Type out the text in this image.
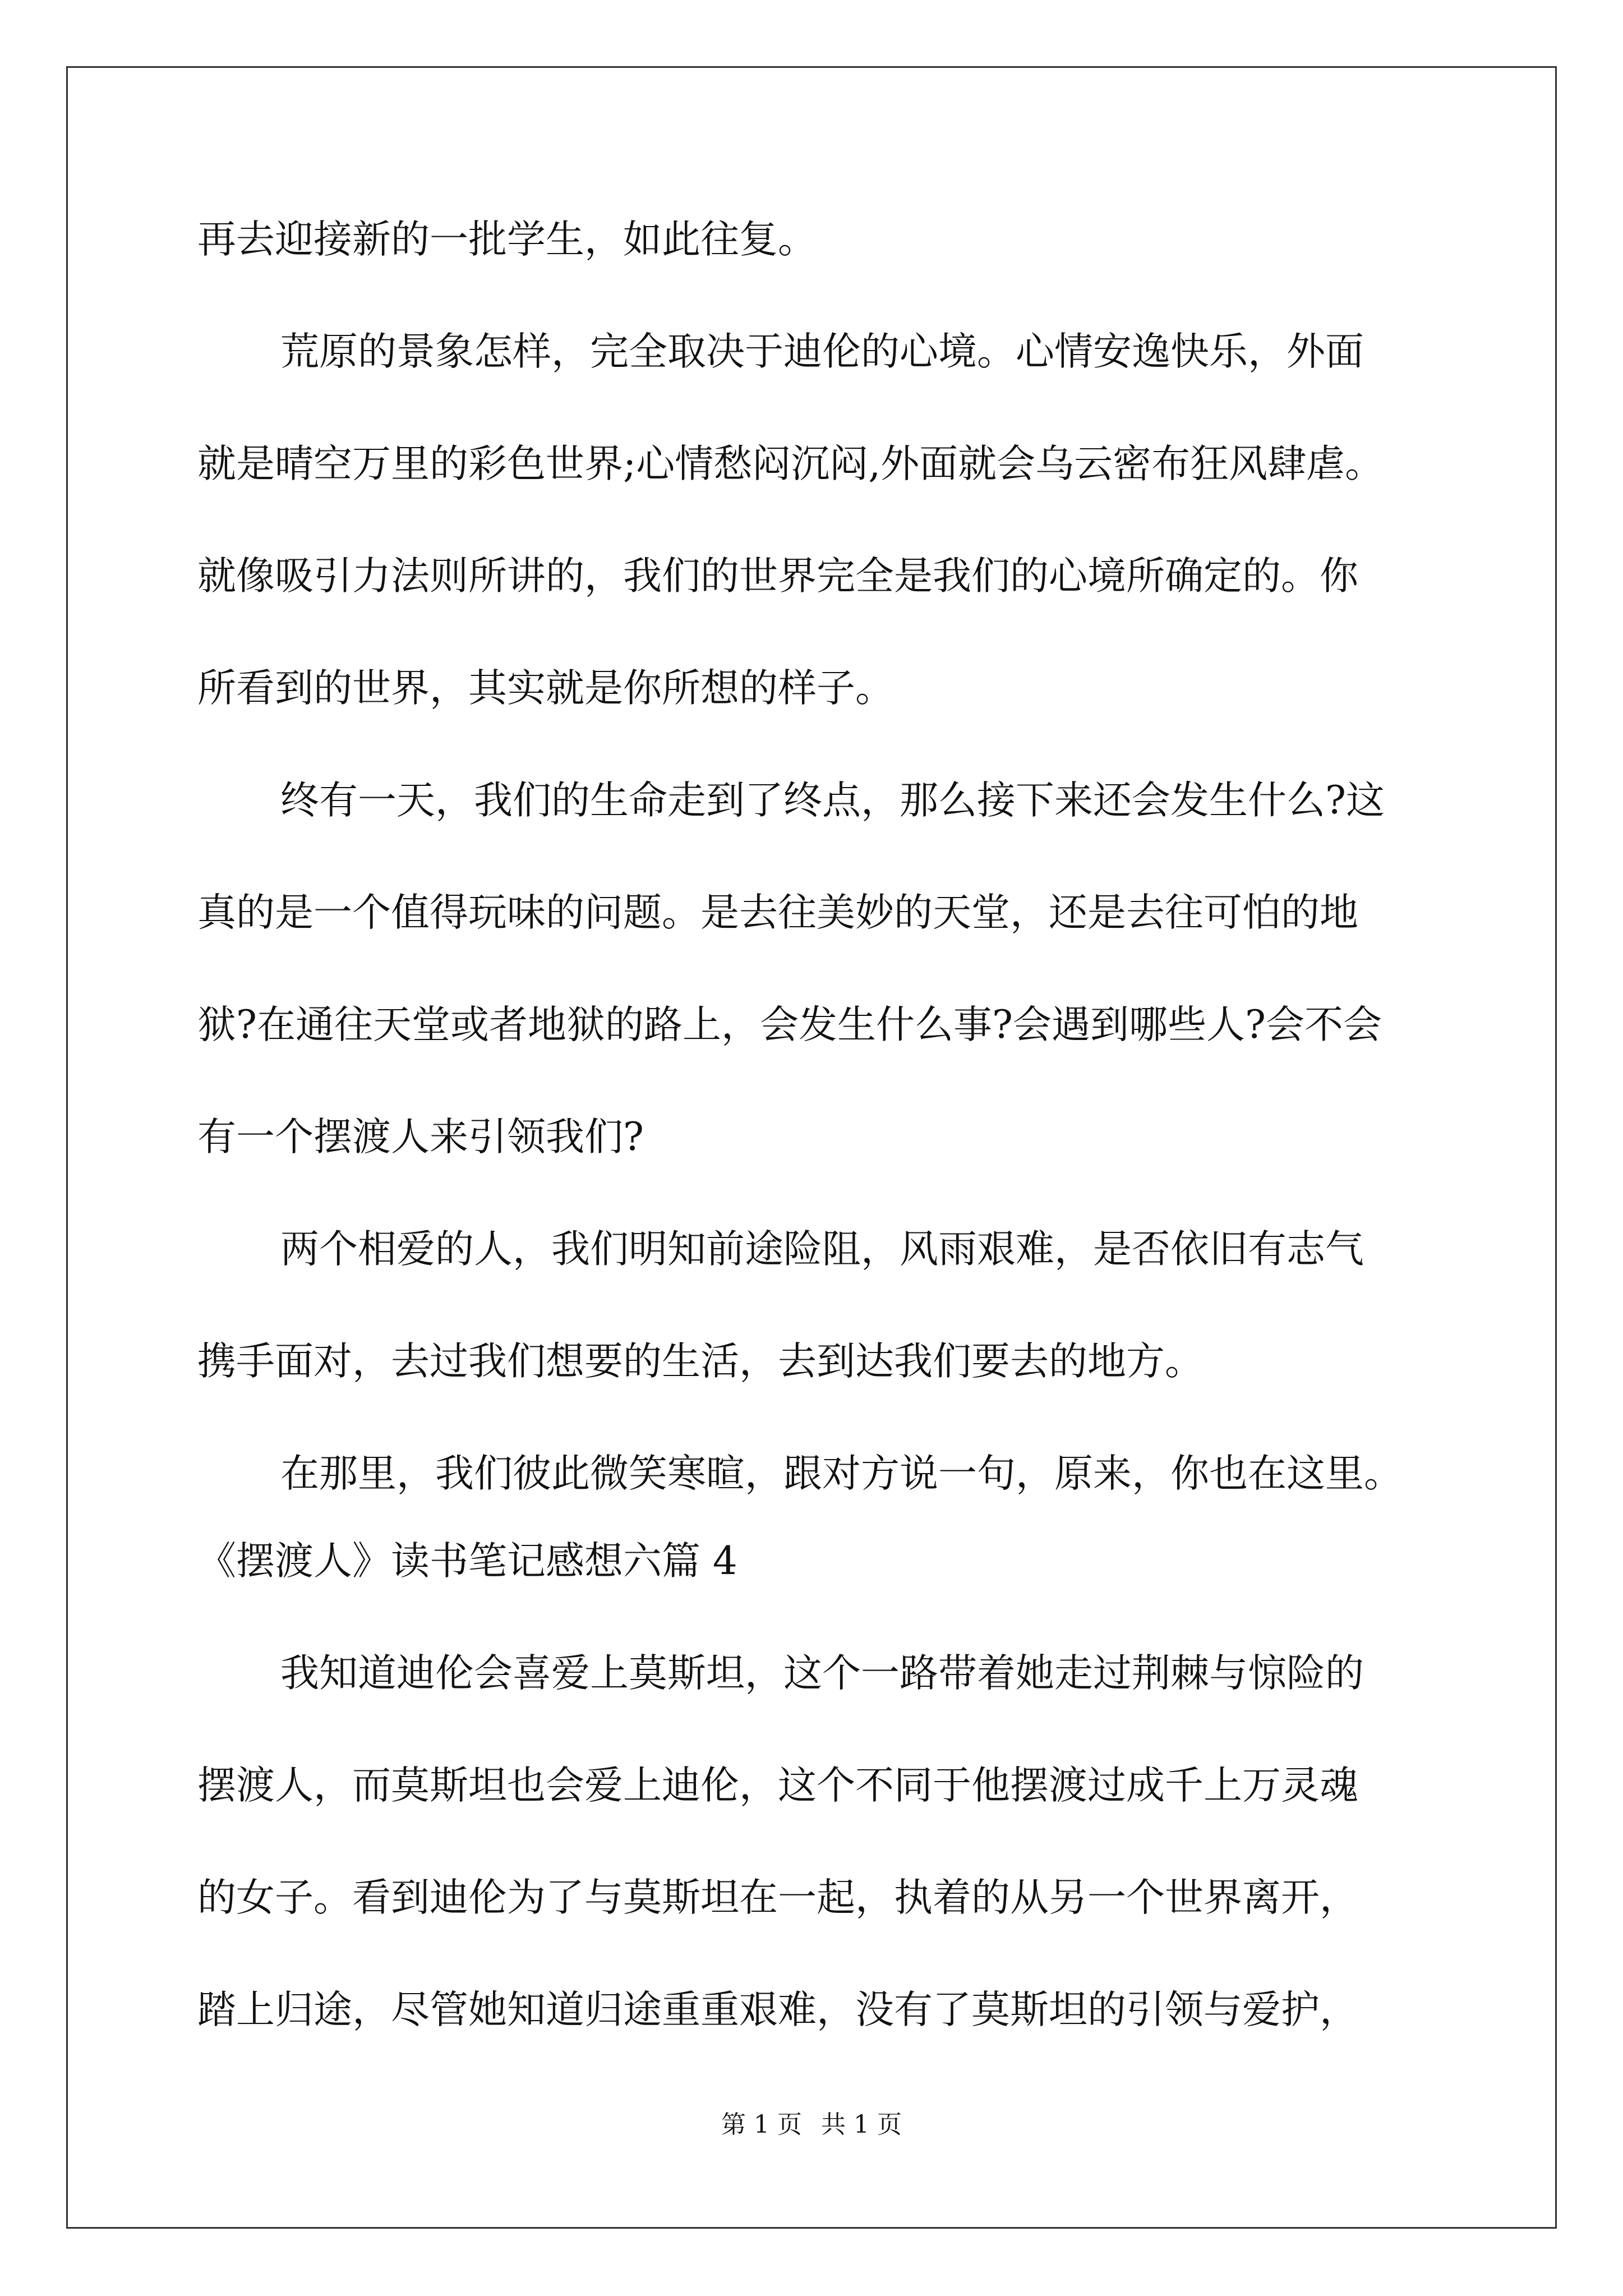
再去迎接新的一批学生，如此往复。
荒原的景象怎样，完全取决于迪伦的心境。心情安逸快乐，外面
就是晴空万里的彩色世界;心情愁闷沉闷,外面就会乌云密布狂风肆虐。
就像吸引力法则所讲的，我们的世界完全是我们的心境所确定的。你
所看到的世界，其实就是你所想的样子。
终有一天，我们的生命走到了终点，那么接下来还会发生什么?这
真的是一个值得玩味的问题。是去往美妙的天堂，还是去往可怕的地
狱?在通往天堂或者地狱的路上，会发生什么事?会遇到哪些人?会不会
有一个摆渡人来引领我们?
两个相爱的人，我们明知前途险阻，风雨艰难，是否依旧有志气
携手面对，去过我们想要的生活，去到达我们要去的地方。
在那里，我们彼此微笑寒暄，跟对方说一句，原来，你也在这里。
《摆渡人》读书笔记感想六篇 4
我知道迪伦会喜爱上莫斯坦，这个一路带着她走过荆棘与惊险的
摆渡人，而莫斯坦也会爱上迪伦，这个不同于他摆渡过成千上万灵魂
的女子。看到迪伦为了与莫斯坦在一起，执着的从另一个世界离开，
踏上归途，尽管她知道归途重重艰难，没有了莫斯坦的引领与爱护，
第 1 页 共 1 页
